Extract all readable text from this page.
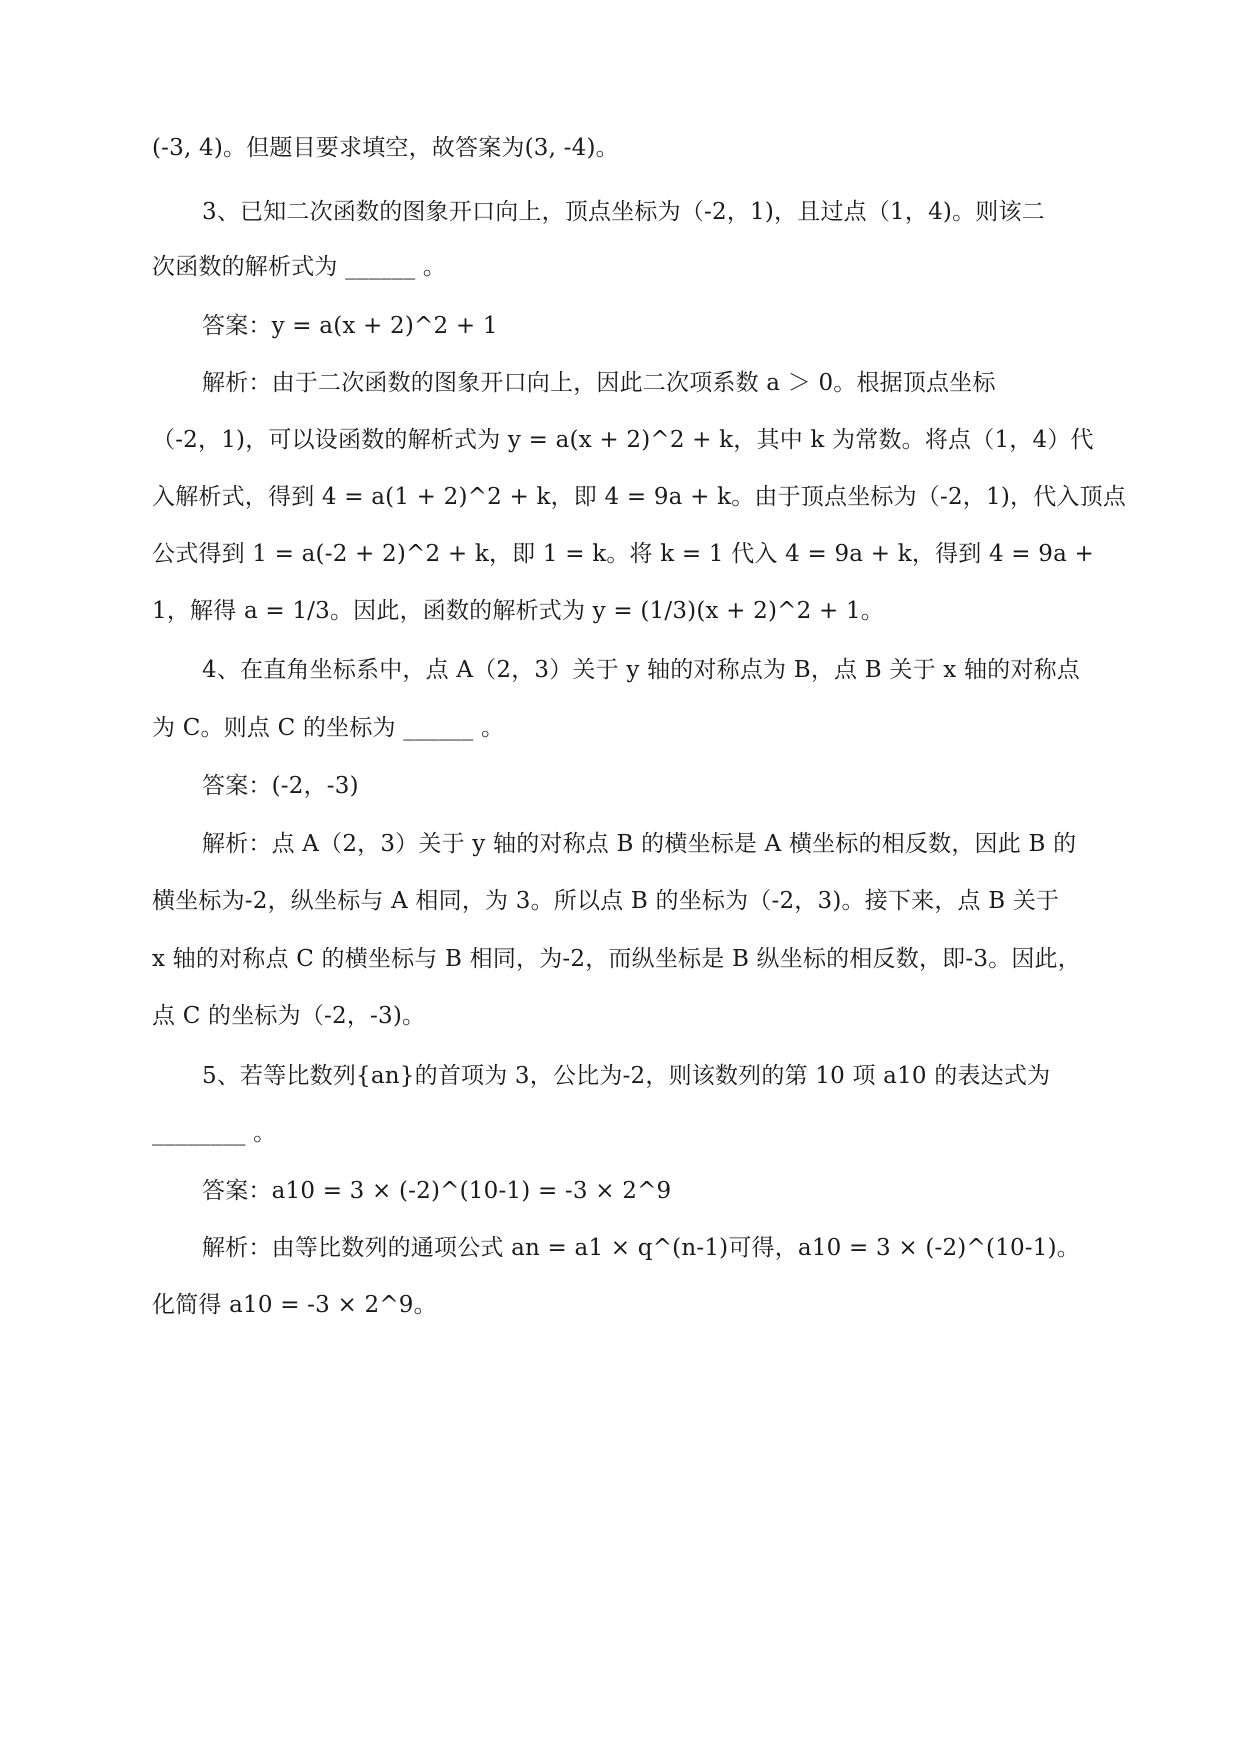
(-3, 4)。但题目要求填空，故答案为(3, -4)。
3、已知二次函数的图象开口向上，顶点坐标为（-2，1)，且过点（1，4)。则该二
次函数的解析式为 ______ 。
答案：y = a(x + 2)^2 + 1
解析：由于二次函数的图象开口向上，因此二次项系数 a ＞ 0。根据顶点坐标
（-2，1)，可以设函数的解析式为 y = a(x + 2)^2 + k，其中 k 为常数。将点（1，4）代
入解析式，得到 4 = a(1 + 2)^2 + k，即 4 = 9a + k。由于顶点坐标为（-2，1)，代入顶点
公式得到 1 = a(-2 + 2)^2 + k，即 1 = k。将 k = 1 代入 4 = 9a + k，得到 4 = 9a +
1，解得 a = 1/3。因此，函数的解析式为 y = (1/3)(x + 2)^2 + 1。
4、在直角坐标系中，点 A（2，3）关于 y 轴的对称点为 B，点 B 关于 x 轴的对称点
为 C。则点 C 的坐标为 ______ 。
答案：(-2，-3)
解析：点 A（2，3）关于 y 轴的对称点 B 的横坐标是 A 横坐标的相反数，因此 B 的
横坐标为-2，纵坐标与 A 相同，为 3。所以点 B 的坐标为（-2，3)。接下来，点 B 关于
x 轴的对称点 C 的横坐标与 B 相同，为-2，而纵坐标是 B 纵坐标的相反数，即-3。因此，
点 C 的坐标为（-2，-3)。
5、若等比数列{an}的首项为 3，公比为-2，则该数列的第 10 项 a10 的表达式为
________ 。
答案：a10 = 3 × (-2)^(10-1) = -3 × 2^9
解析：由等比数列的通项公式 an = a1 × q^(n-1)可得，a10 = 3 × (-2)^(10-1)。
化简得 a10 = -3 × 2^9。
